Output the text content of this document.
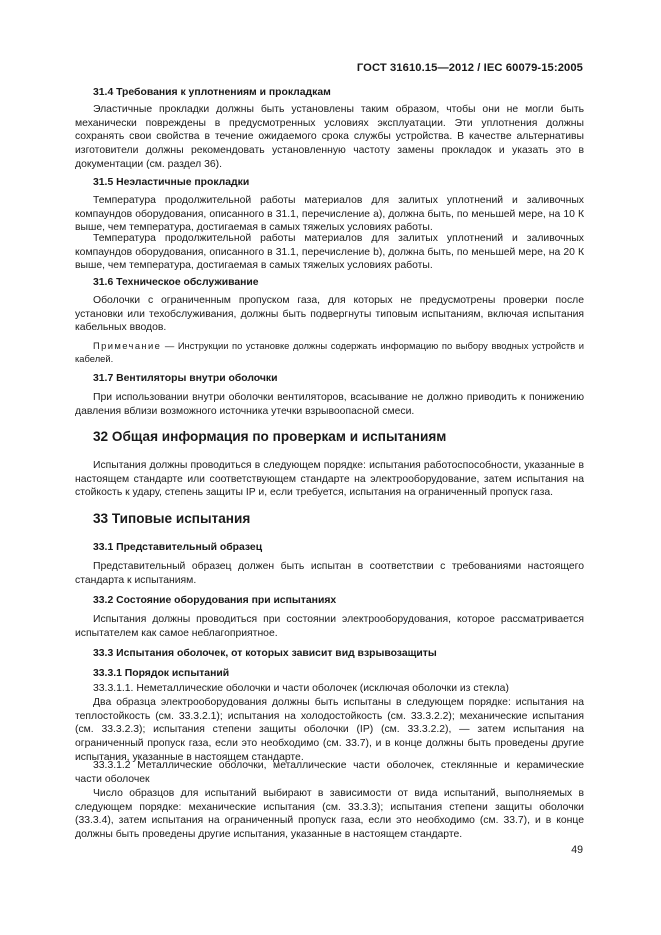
ГОСТ 31610.15—2012 / IEC 60079-15:2005
31.4 Требования к уплотнениям и прокладкам

Эластичные прокладки должны быть установлены таким образом, чтобы они не могли быть механически повреждены в предусмотренных условиях эксплуатации. Эти уплотнения должны сохранять свои свойства в течение ожидаемого срока службы устройства. В качестве альтернативы изготовители должны рекомендовать установленную частоту замены прокладок и указать это в документации (см. раздел 36).

31.5 Неэластичные прокладки

Температура продолжительной работы материалов для залитых уплотнений и заливочных компаундов оборудования, описанного в 31.1, перечисление а), должна быть, по меньшей мере, на 10 К выше, чем температура, достигаемая в самых тяжелых условиях работы.

Температура продолжительной работы материалов для залитых уплотнений и заливочных компаундов оборудования, описанного в 31.1, перечисление b), должна быть, по меньшей мере, на 20 К выше, чем температура, достигаемая в самых тяжелых условиях работы.

31.6 Техническое обслуживание

Оболочки с ограниченным пропуском газа, для которых не предусмотрены проверки после установки или техобслуживания, должны быть подвергнуты типовым испытаниям, включая испытания кабельных вводов.

Примечание — Инструкции по установке должны содержать информацию по выбору вводных устройств и кабелей.

31.7 Вентиляторы внутри оболочки

При использовании внутри оболочки вентиляторов, всасывание не должно приводить к понижению давления вблизи возможного источника утечки взрывоопасной смеси.

32 Общая информация по проверкам и испытаниям

Испытания должны проводиться в следующем порядке: испытания работоспособности, указанные в настоящем стандарте или соответствующем стандарте на электрооборудование, затем испытания на стойкость к удару, степень защиты IP и, если требуется, испытания на ограниченный пропуск газа.

33 Типовые испытания
33.1 Представительный образец

Представительный образец должен быть испытан в соответствии с требованиями настоящего стандарта к испытаниям.

33.2 Состояние оборудования при испытаниях

Испытания должны проводиться при состоянии электрооборудования, которое рассматривается испытателем как самое неблагоприятное.

33.3 Испытания оболочек, от которых зависит вид взрывозащиты
33.3.1 Порядок испытаний

33.3.1.1. Неметаллические оболочки и части оболочек (исключая оболочки из стекла)

Два образца электрооборудования должны быть испытаны в следующем порядке: испытания на теплостойкость (см. 33.3.2.1); испытания на холодостойкость (см. 33.3.2.2); механические испытания (см. 33.3.2.3); испытания степени защиты оболочки (IP) (см. 33.3.2.2), — затем испытания на ограниченный пропуск газа, если это необходимо (см. 33.7), и в конце должны быть проведены другие испытания, указанные в настоящем стандарте.

33.3.1.2 Металлические оболочки, металлические части оболочек, стеклянные и керамические части оболочек

Число образцов для испытаний выбирают в зависимости от вида испытаний, выполняемых в следующем порядке: механические испытания (см. 33.3.3); испытания степени защиты оболочки (33.3.4), затем испытания на ограниченный пропуск газа, если это необходимо (см. 33.7), и в конце должны быть проведены другие испытания, указанные в настоящем стандарте.

49
